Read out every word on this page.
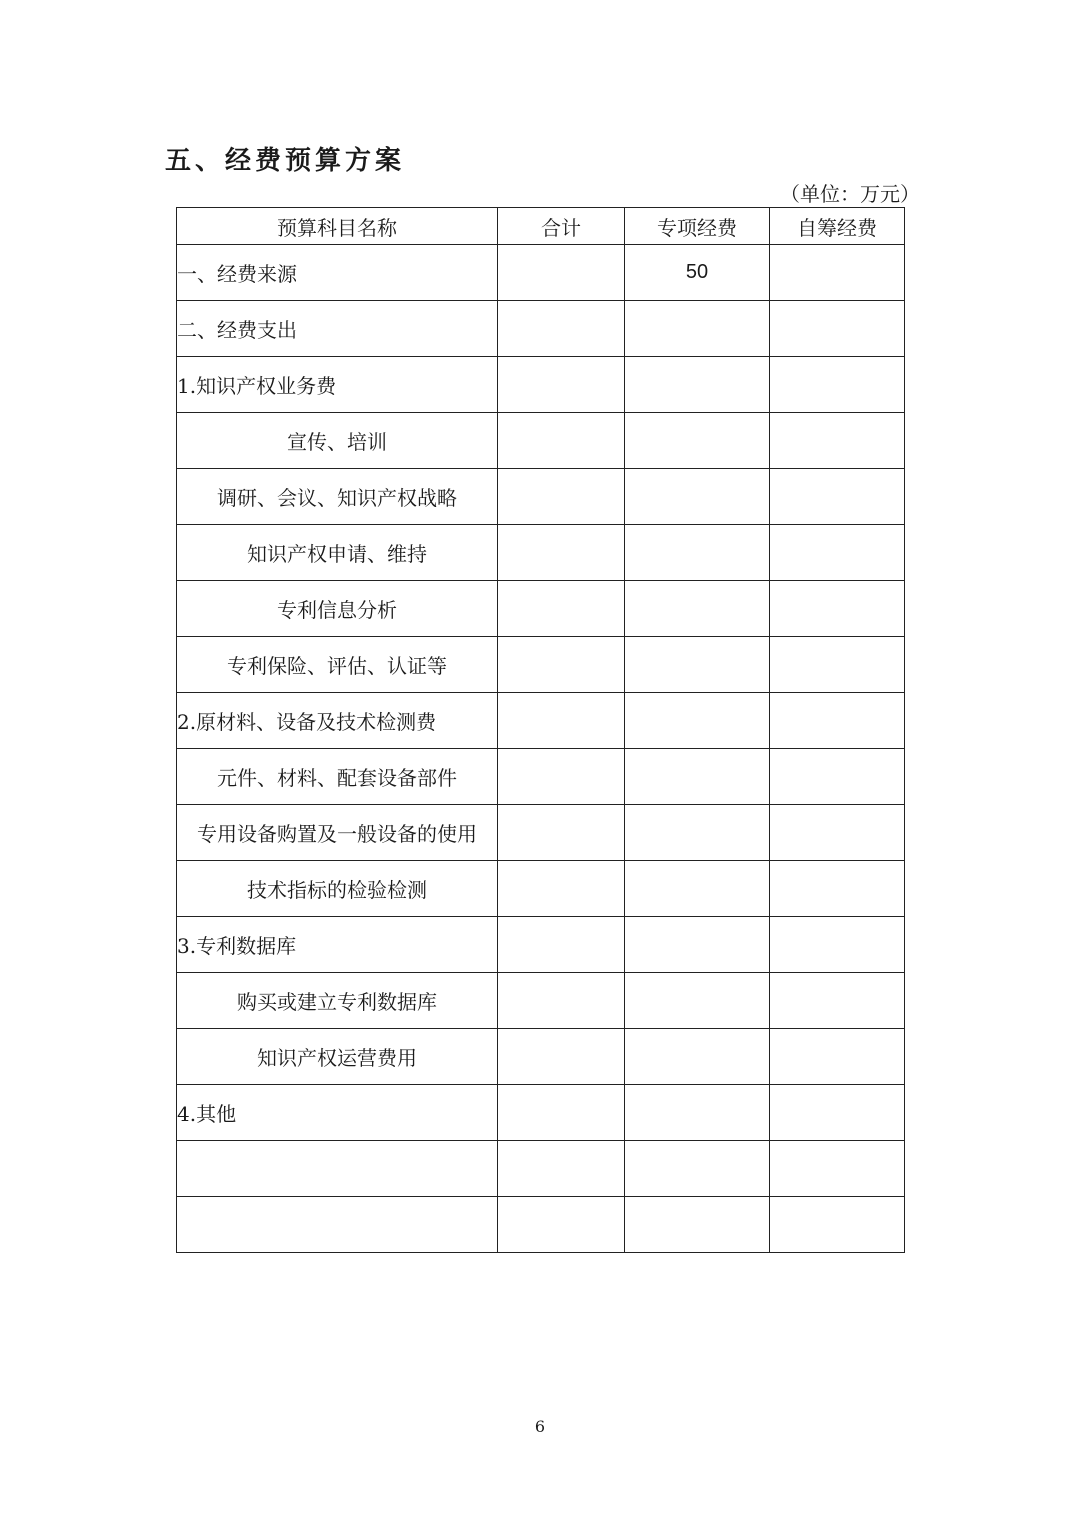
五、经费预算方案
（单位：万元）
预算科目名称	合计	专项经费	自筹经费
一、经费来源		50	
二、经费支出			
1.知识产权业务费			
宣传、培训			
调研、会议、知识产权战略			
知识产权申请、维持			
专利信息分析			
专利保险、评估、认证等			
2.原材料、设备及技术检测费			
元件、材料、配套设备部件			
专用设备购置及一般设备的使用			
技术指标的检验检测			
3.专利数据库			
购买或建立专利数据库			
知识产权运营费用			
4.其他			

6
